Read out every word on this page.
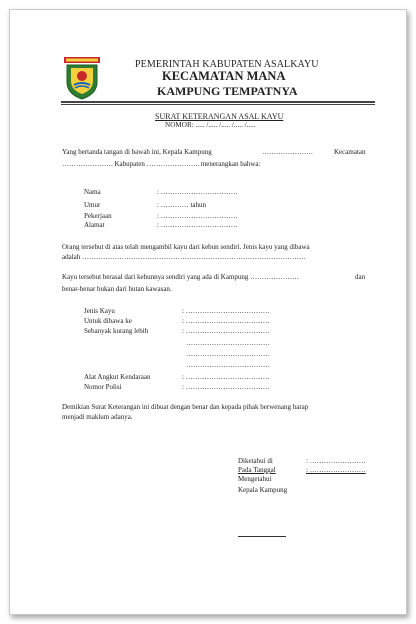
PEMERINTAH KABUPATEN ASALKAYU
KECAMATAN MANA
KAMPUNG TEMPATNYA
SURAT KETERANGAN ASAL KAYU
NOMOR: ..... /..... /..... /..... /.....
Yang bertanda tangan di bawah ini, Kepala Kampung	………………….	Kecamatan
…………………. Kabupaten ………………….. menerangkan bahwa:
Nama	: ……………………………
Umur	: ………… tahun
Pekerjaan	: ……………………………
Alamat	: ……………………………
Orang tersebut di atas telah mengambil kayu dari kebun sendiri. Jenis kayu yang dibawa
adalah ……………………………………………………………………………………
Kayu tersebut berasal dari kebunnya sendiri yang ada di Kampung …………………	dan
benar-benar bukan dari hutan kawasan.
Jenis Kayu	: ………………………………
Untuk dibawa ke	: ………………………………
Sebanyak kurang lebih	: ………………………………
………………………………
………………………………
………………………………
Alat Angkut Kendaraan	: ………………………………
Nomor Polisi	: ………………………………
Demikian Surat Keterangan ini dibuat dengan benar dan kepada pihak berwenang harap
menjadi maklum adanya.
Diketahui di	: ……………………
Pada Tanggal	: ……………………
Mengetahui
Kepala Kampung
